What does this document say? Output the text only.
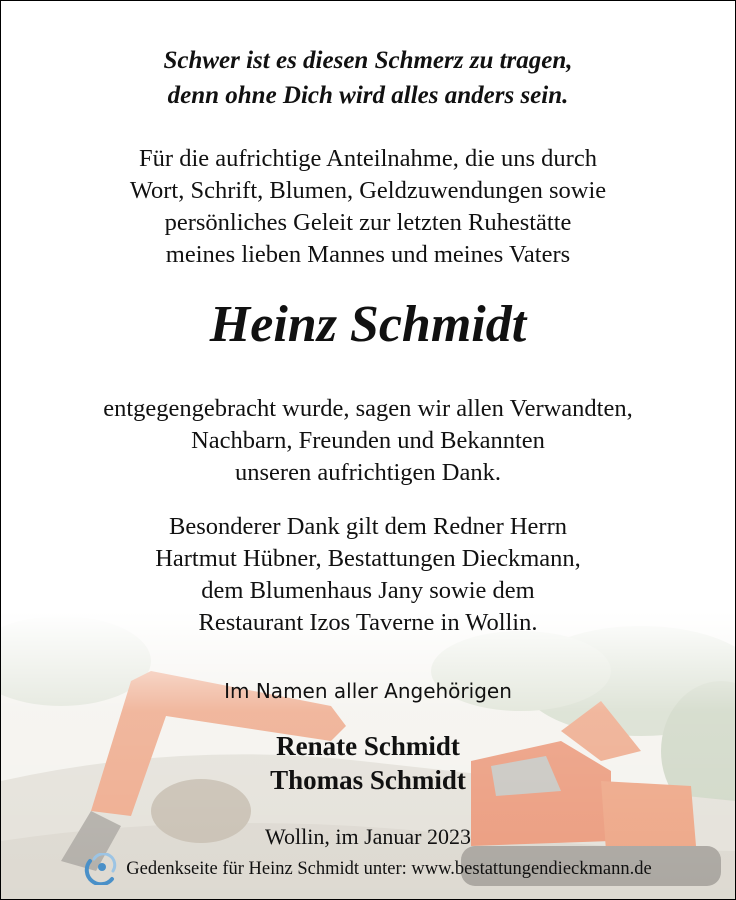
Schwer ist es diesen Schmerz zu tragen,
denn ohne Dich wird alles anders sein.
Für die aufrichtige Anteilnahme, die uns durch
Wort, Schrift, Blumen, Geldzuwendungen sowie
persönliches Geleit zur letzten Ruhestätte
meines lieben Mannes und meines Vaters
Heinz Schmidt
entgegengebracht wurde, sagen wir allen Verwandten,
Nachbarn, Freunden und Bekannten
unseren aufrichtigen Dank.
Besonderer Dank gilt dem Redner Herrn
Hartmut Hübner, Bestattungen Dieckmann,
dem Blumenhaus Jany sowie dem
Restaurant Izos Taverne in Wollin.
Im Namen aller Angehörigen
Renate Schmidt
Thomas Schmidt
Wollin, im Januar 2023
Gedenkseite für Heinz Schmidt unter: www.bestattungendieckmann.de
